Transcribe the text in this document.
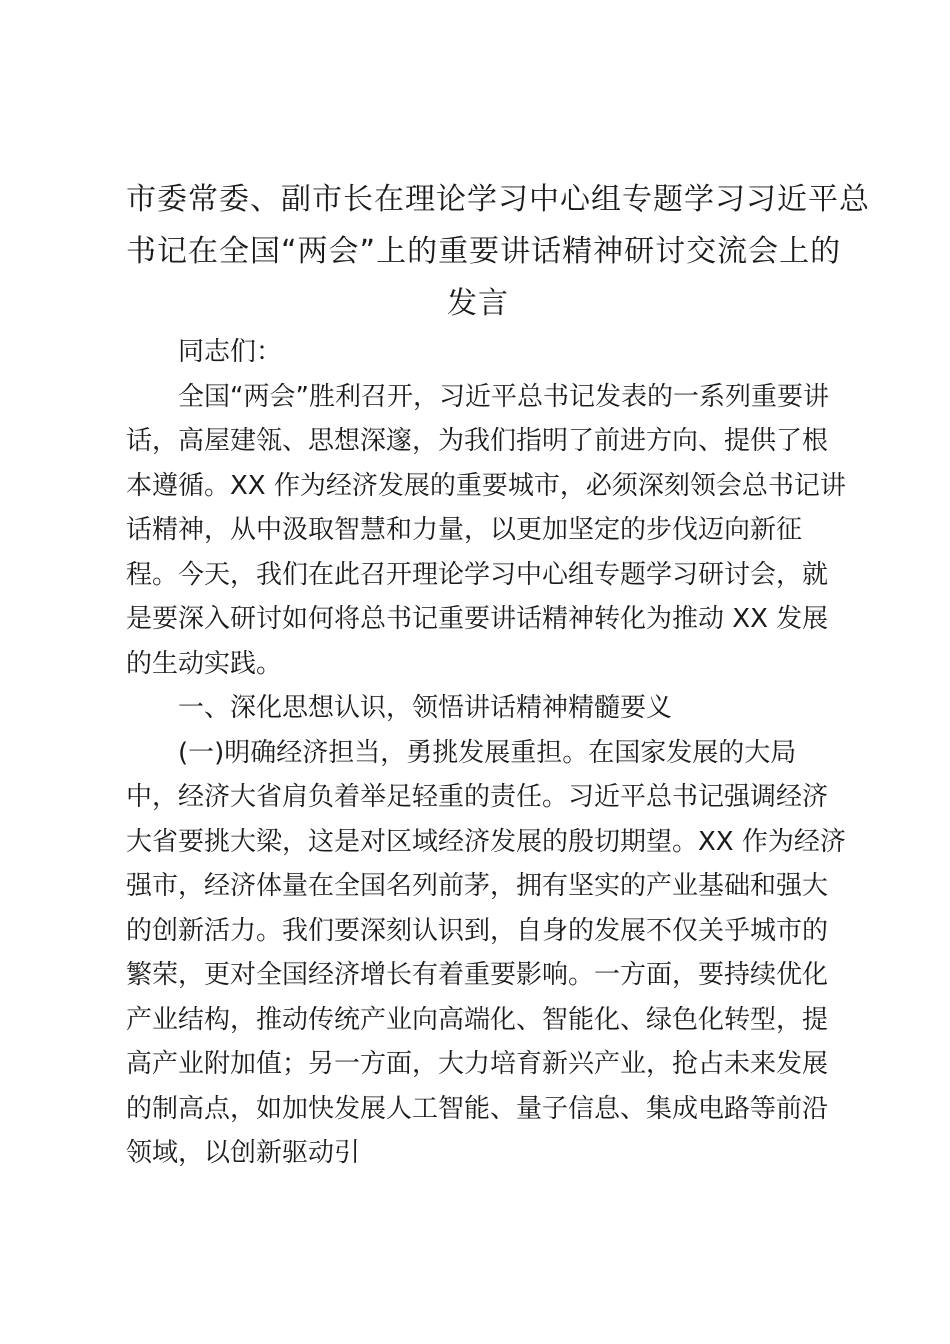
市委常委、副市长在理论学习中心组专题学习习近平总
书记在全国“两会”上的重要讲话精神研讨交流会上的
发言

同志们：

全国“两会”胜利召开，习近平总书记发表的一系列重要讲
话，高屋建瓴、思想深邃，为我们指明了前进方向、提供了根
本遵循。XX 作为经济发展的重要城市，必须深刻领会总书记讲
话精神，从中汲取智慧和力量，以更加坚定的步伐迈向新征
程。今天，我们在此召开理论学习中心组专题学习研讨会，就
是要深入研讨如何将总书记重要讲话精神转化为推动 XX 发展
的生动实践。

一、深化思想认识，领悟讲话精神精髓要义

(一)明确经济担当，勇挑发展重担。在国家发展的大局
中，经济大省肩负着举足轻重的责任。习近平总书记强调经济
大省要挑大梁，这是对区域经济发展的殷切期望。XX 作为经济
强市，经济体量在全国名列前茅，拥有坚实的产业基础和强大
的创新活力。我们要深刻认识到，自身的发展不仅关乎城市的
繁荣，更对全国经济增长有着重要影响。一方面，要持续优化
产业结构，推动传统产业向高端化、智能化、绿色化转型，提
高产业附加值；另一方面，大力培育新兴产业，抢占未来发展
的制高点，如加快发展人工智能、量子信息、集成电路等前沿
领域，以创新驱动引
